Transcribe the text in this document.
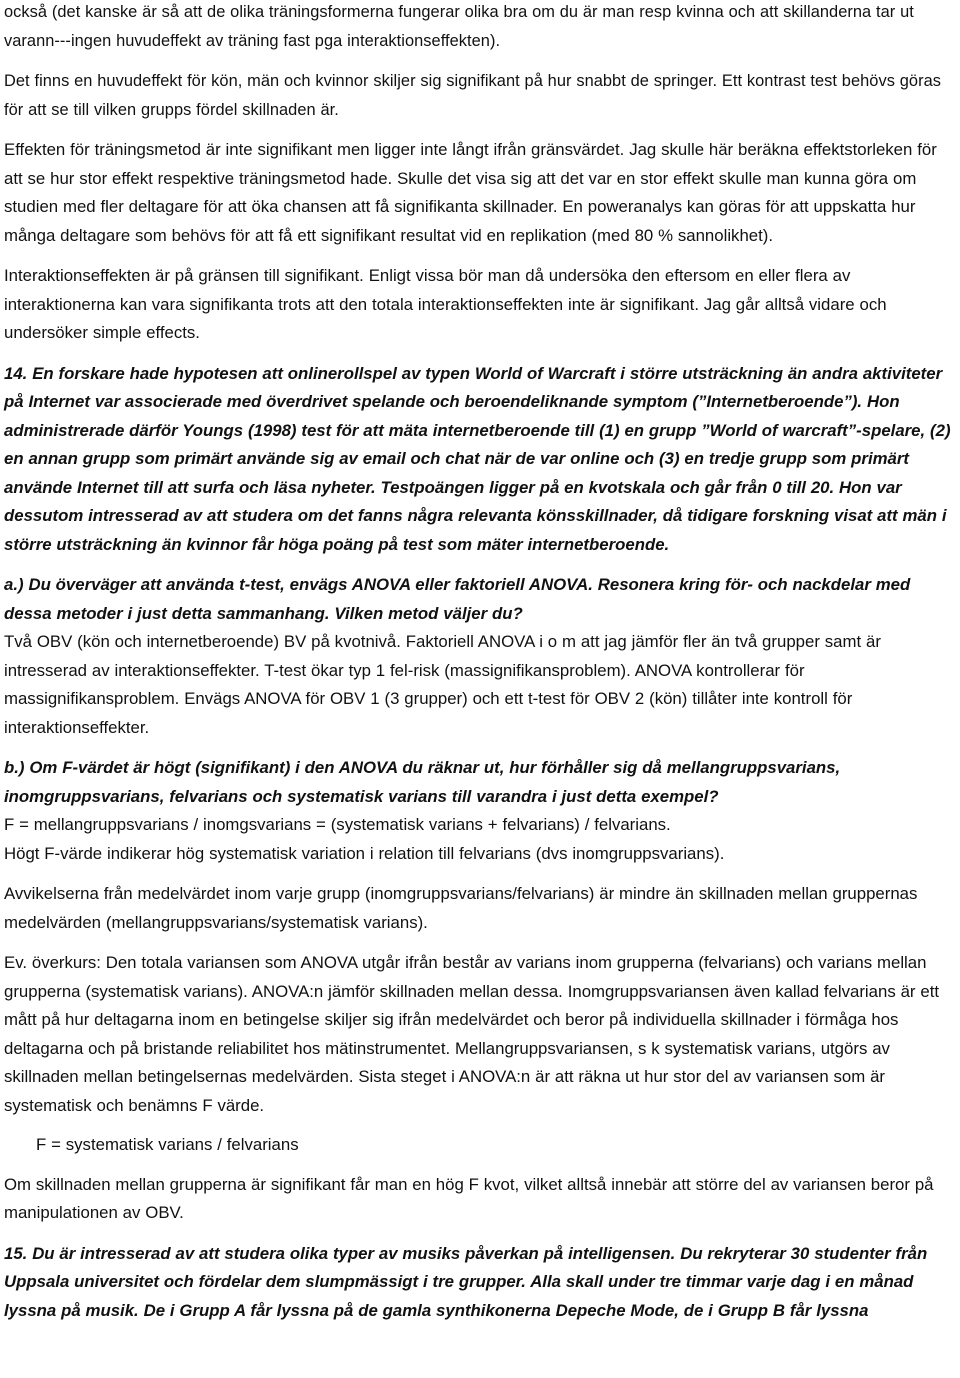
också (det kanske är så att de olika träningsformerna fungerar olika bra om du är man resp kvinna och att skillanderna tar ut varann---ingen huvudeffekt av träning fast pga interaktionseffekten).

Det finns en huvudeffekt för kön, män och kvinnor skiljer sig signifikant på hur snabbt de springer. Ett kontrast test behövs göras för att se till vilken grupps fördel skillnaden är.

Effekten för träningsmetod är inte signifikant men ligger inte långt ifrån gränsvärdet. Jag skulle här beräkna effektstorleken för att se hur stor effekt respektive träningsmetod hade. Skulle det visa sig att det var en stor effekt skulle man kunna göra om studien med fler deltagare för att öka chansen att få signifikanta skillnader. En poweranalys kan göras för att uppskatta hur många deltagare som behövs för att få ett signifikant resultat vid en replikation (med 80 % sannolikhet).

Interaktionseffekten är på gränsen till signifikant. Enligt vissa bör man då undersöka den eftersom en eller flera av interaktionerna kan vara signifikanta trots att den totala interaktionseffekten inte är signifikant. Jag går alltså vidare och undersöker simple effects.

14. En forskare hade hypotesen att onlinerollspel av typen World of Warcraft i större utsträckning än andra aktiviteter på Internet var associerade med överdrivet spelande och beroendeliknande symptom (”Internetberoende”). Hon administrerade därför Youngs (1998) test för att mäta internetberoende till (1) en grupp ”World of warcraft”-spelare, (2) en annan grupp som primärt använde sig av email och chat när de var online och (3) en tredje grupp som primärt använde Internet till att surfa och läsa nyheter. Testpoängen ligger på en kvotskala och går från 0 till 20. Hon var dessutom intresserad av att studera om det fanns några relevanta könsskillnader, då tidigare forskning visat att män i större utsträckning än kvinnor får höga poäng på test som mäter internetberoende.

a.) Du överväger att använda t-test, envägs ANOVA eller faktoriell ANOVA. Resonera kring för- och nackdelar med dessa metoder i just detta sammanhang. Vilken metod väljer du?

Två OBV (kön och internetberoende) BV på kvotnivå. Faktoriell ANOVA i o m att jag jämför fler än två grupper samt är intresserad av interaktionseffekter. T-test ökar typ 1 fel-risk (massignifikansproblem). ANOVA kontrollerar för massignifikansproblem. Envägs ANOVA för OBV 1 (3 grupper) och ett t-test för OBV 2 (kön) tillåter inte kontroll för interaktionseffekter.

b.) Om F-värdet är högt (signifikant) i den ANOVA du räknar ut, hur förhåller sig då mellangruppsvarians, inomgruppsvarians, felvarians och systematisk varians till varandra i just detta exempel?

F = mellangruppsvarians / inomgsvarians = (systematisk varians + felvarians) / felvarians.

Högt F-värde indikerar hög systematisk variation i relation till felvarians (dvs inomgruppsvarians).

Avvikelserna från medelvärdet inom varje grupp (inomgruppsvarians/felvarians) är mindre än skillnaden mellan gruppernas medelvärden (mellangruppsvarians/systematisk varians).

Ev. överkurs: Den totala variansen som ANOVA utgår ifrån består av varians inom grupperna (felvarians) och varians mellan grupperna (systematisk varians). ANOVA:n jämför skillnaden mellan dessa. Inomgruppsvariansen även kallad felvarians är ett mått på hur deltagarna inom en betingelse skiljer sig ifrån medelvärdet och beror på individuella skillnader i förmåga hos deltagarna och på bristande reliabilitet hos mätinstrumentet. Mellangruppsvariansen, s k systematisk varians, utgörs av skillnaden mellan betingelsernas medelvärden. Sista steget i ANOVA:n är att räkna ut hur stor del av variansen som är systematisk och benämns F värde.

F = systematisk varians / felvarians

Om skillnaden mellan grupperna är signifikant får man en hög F kvot, vilket alltså innebär att större del av variansen beror på manipulationen av OBV.

15. Du är intresserad av att studera olika typer av musiks påverkan på intelligensen. Du rekryterar 30 studenter från Uppsala universitet och fördelar dem slumpmässigt i tre grupper. Alla skall under tre timmar varje dag i en månad lyssna på musik. De i Grupp A får lyssna på de gamla synthikonerna Depeche Mode, de i Grupp B får lyssna
